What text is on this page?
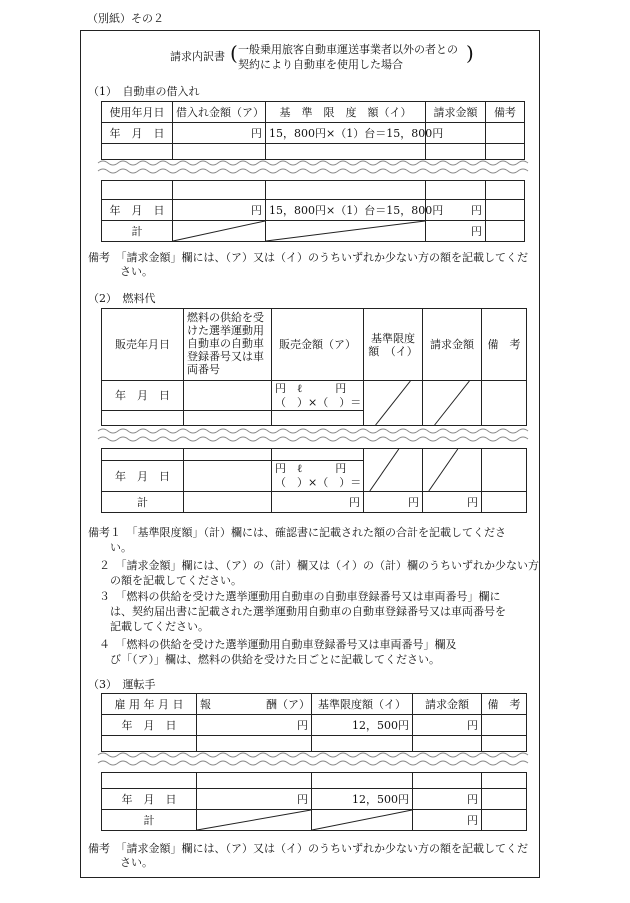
（別紙）その２
請求内訳書 ( 一般乗用旅客自動車運送事業者以外の者との
契約により自動車を使用した場合	)
（1）　自動車の借入れ
使用年月日	借入れ金額（ア）	基　準　限　度　額（イ）	請求金額	備考
年　月　日	円	15，800円×（1）台＝15，800円		

年　月　日	円	15，800円×（1）台＝15，800円	円	
計			円	
備考　「請求金額」欄には、（ア）又は（イ）のうちいずれか少ない方の額を記載してくだ
さい。
（2）　燃料代
販売年月日	燃料の供給を受けた選挙運動用自動車の自動車登録番号又は車両番号	販売金額（ア）	基準限度額　（イ）	請求金額	備　考
年　月　日		円　ℓ　　　円
（　）×（　）＝

年　月　日		円　ℓ　　　円
（　）×（　）＝			

計		円	円	円	
備考１　「基準限度額」（計）欄には、確認書に記載された額の合計を記載してくださ
　　い。
　２　「請求金額」欄には、（ア）の（計）欄又は（イ）の（計）欄のうちいずれか少ない方
　　の額を記載してください。
　３　「燃料の供給を受けた選挙運動用自動車の自動車登録番号又は車両番号」欄に
　　は、契約届出書に記載された選挙運動用自動車の自動車登録番号又は車両番号を
　　記載してください。
　４　「燃料の供給を受けた選挙運動用自動車登録番号又は車両番号」欄及
　　び「（ア）」欄は、燃料の供給を受けた日ごとに記載してください。
（3）　運転手
雇 用 年 月 日	報　　　　　酬（ア）	基準限度額（イ）	請求金額	備　考
年　月　日	円	12，500円	円	

年　月　日	円	12，500円	円	
計			円	
備考　「請求金額」欄には、（ア）又は（イ）のうちいずれか少ない方の額を記載してくだ
さい。
